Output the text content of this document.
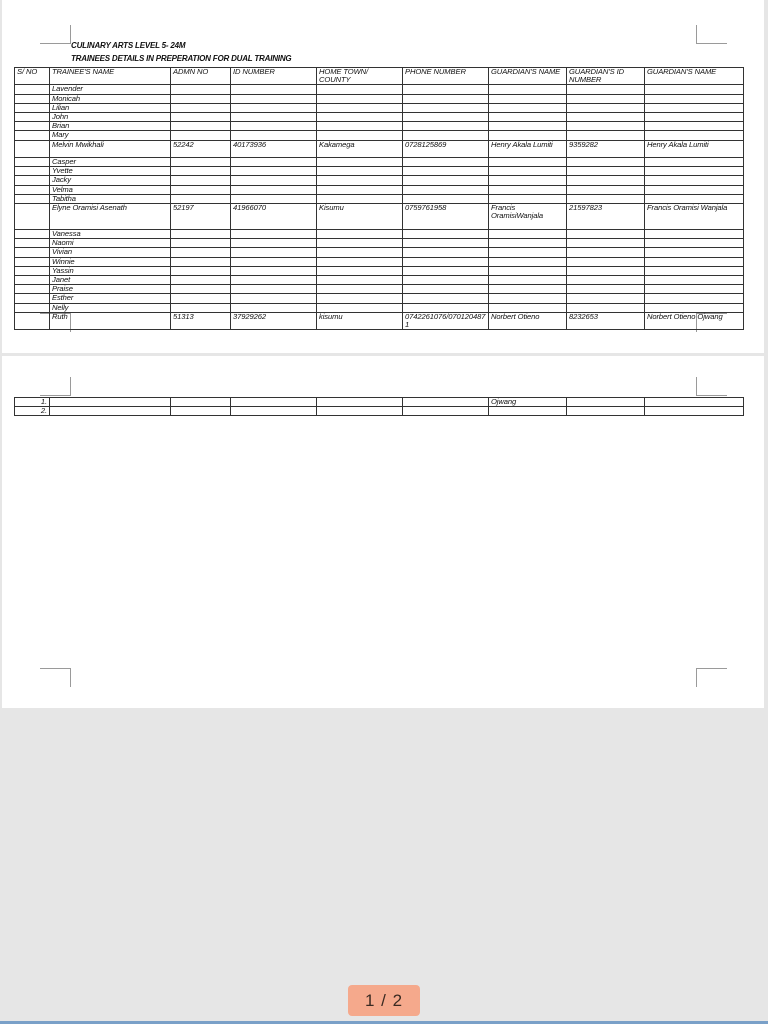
CULINARY ARTS LEVEL 5- 24M
TRAINEES DETAILS IN PREPERATION FOR DUAL TRAINING
S/ NO	TRAINEE'S NAME	ADMN NO	ID NUMBER	HOME TOWN/ COUNTY	PHONE NUMBER	GUARDIAN'S NAME	GUARDIAN'S ID NUMBER	GUARDIAN'S NAME
	Lavender							
	Monicah							
	Lilian							
	John							
	Brian							
	Mary							
	Melvin Mwikhali	52242	40173936	Kakamega	0728125869	Henry Akala Lumiti	9359282	Henry Akala Lumiti
	Casper							
	Yvette							
	Jacky							
	Velma							
	Tabitha							
	Elyne Oramisi Asenath	52197	41966070	Kisumu	0759761958	Francis OramisiWanjala	21597823	Francis Oramisi Wanjala
	Vanessa							
	Naomi							
	Vivian							
	Winnie							
	Yassin							
	Janet							
	Praise							
	Esther							
	Nelly							
	Ruth	51313	37929262	kisumu	0742261076/0701204871	Norbert Otieno	8232653	Norbert Otieno Ojwang
1.						Ojwang		
2.								
1 / 2
